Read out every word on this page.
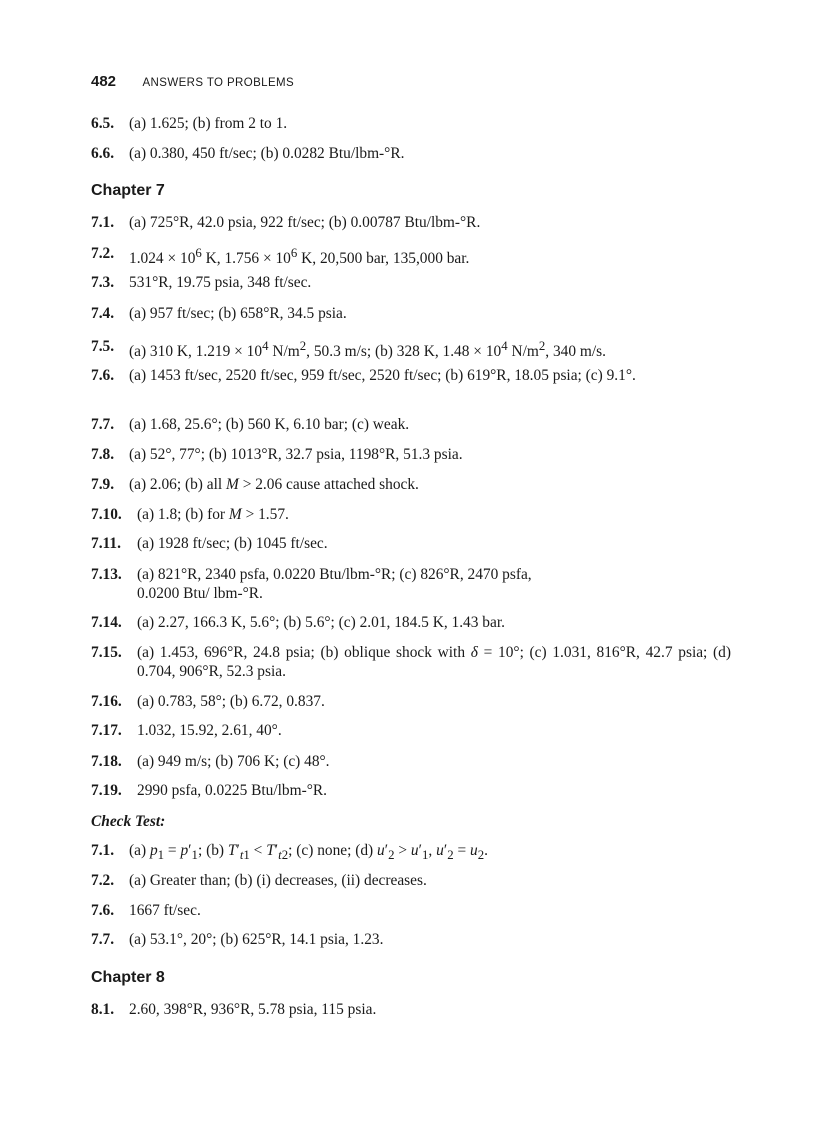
482 ANSWERS TO PROBLEMS
6.5. (a) 1.625; (b) from 2 to 1.
6.6. (a) 0.380, 450 ft/sec; (b) 0.0282 Btu/lbm-°R.
Chapter 7
7.1. (a) 725°R, 42.0 psia, 922 ft/sec; (b) 0.00787 Btu/lbm-°R.
7.2. $1.024 \times 10^6$ K, $1.756 \times 10^6$ K, 20,500 bar, 135,000 bar.
7.3. 531°R, 19.75 psia, 348 ft/sec.
7.4. (a) 957 ft/sec; (b) 658°R, 34.5 psia.
7.5. (a) 310 K, $1.219 \times 10^4$ $N/m^2$, 50.3 m/s; (b) 328 K, $1.48 \times 10^4$ $N/m^2$, 340 m/s.
7.6. (a) 1453 ft/sec, 2520 ft/sec, 959 ft/sec, 2520 ft/sec; (b) 619°R, 18.05 psia; (c) 9.1°.
7.7. (a) 1.68, 25.6°; (b) 560 K, 6.10 bar; (c) weak.
7.8. (a) 52°, 77°; (b) 1013°R, 32.7 psia, 1198°R, 51.3 psia.
7.9. (a) 2.06; (b) all M > 2.06 cause attached shock.
7.10. (a) 1.8; (b) for M > 1.57.
7.11.	(a) 1928 ft/sec; (b) 1045 ft/sec.
7.13. (a) 821°R, 2340 psfa, 0.0220 Btu/lbm-°R; (c) 826°R, 2470 psfa,
0.0200 Btu/ lbm-°R.
7.14. (a) 2.27, 166.3 K, 5.6°; (b) 5.6°; (c) 2.01, 184.5 K, 1.43 bar.
7.15. (a) 1.453, 696°R, 24.8 psia; (b) oblique shock with δ = 10°; (c) 1.031, 816°R, 42.7 psia; (d) 0.704, 906°R, 52.3 psia.
7.16. (a) 0.783, 58°; (b) 6.72, 0.837.
7.17. 1.032, 15.92, 2.61, 40°.
7.18. (a) 949 m/s; (b) 706 K; (c) 48°.
7.19. 2990 psfa, 0.0225 Btu/lbm-°R.
Check Test:
7.1. (a) $p_1 = p'_1$; (b) $T'_{t1} < T'_{t2}$; (c) none; (d) $u'_2 > u'_1$, $u'_2 = u_2$.
7.2. (a) Greater than; (b) (i) decreases, (ii) decreases.
7.6. 1667 ft/sec.
7.7. (a) 53.1°, 20°; (b) 625°R, 14.1 psia, 1.23.
Chapter 8
8.1. 2.60, 398°R, 936°R, 5.78 psia, 115 psia.
